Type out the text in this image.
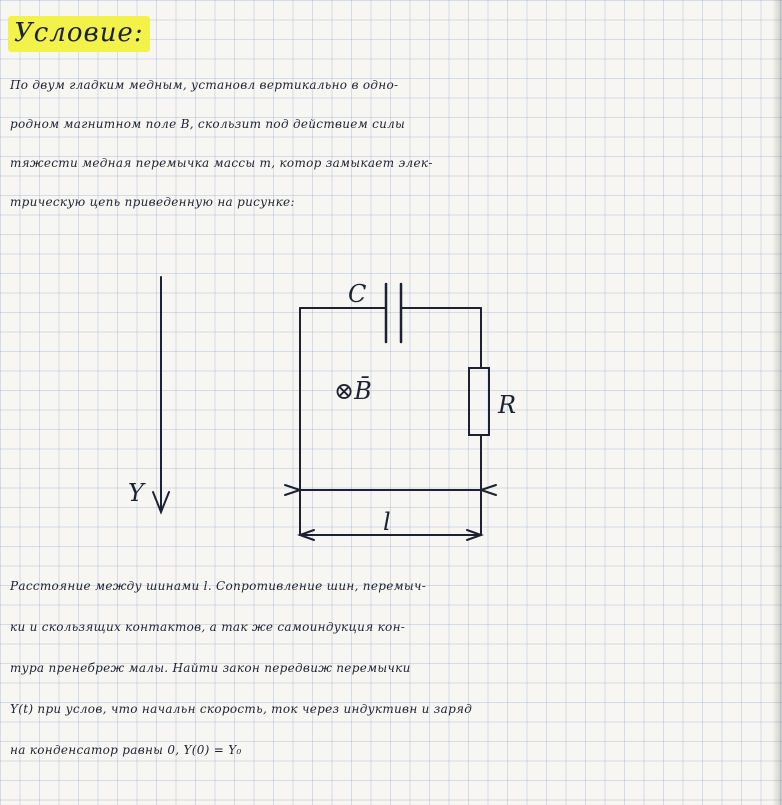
Условие:
По двум гладким медным, установл вертикально в одно-
родном магнитном поле B, скользит под действием силы
тяжести медная перемычка массы m, котор замыкает элек-
трическую цепь приведенную на рисунке:
C
⊗B̄	R
Y
l
Расстояние между шинами l. Сопротивление шин, перемыч-
ки и скользящих контактов, а так же самоиндукция кон-
тура пренебреж малы. Найти закон передвиж перемычки
Y(t) при услов, что начальн скорость, ток через индуктивн и заряд
на конденсатор равны 0, Y(0) = Y₀
